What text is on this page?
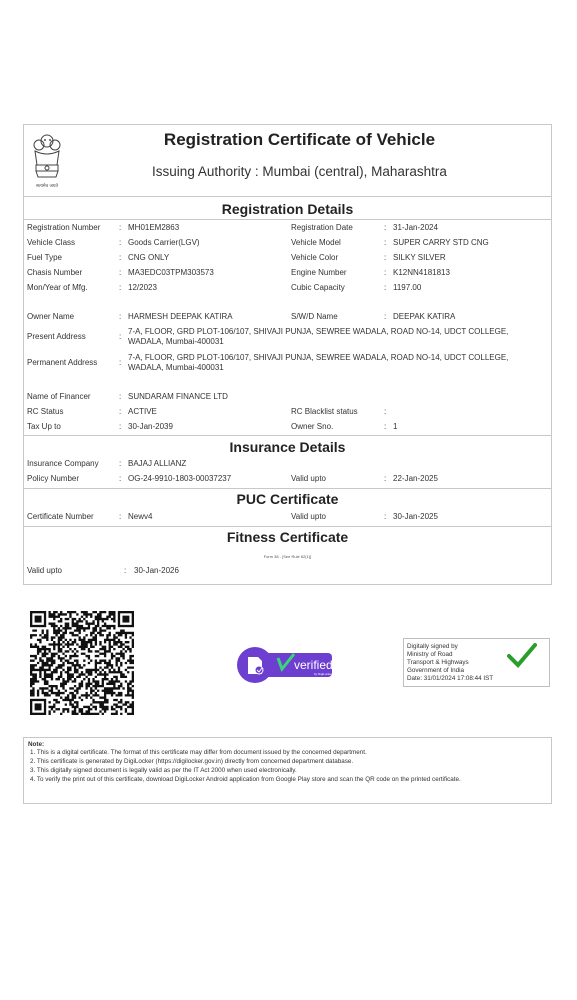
सत्यमेव जयते
Registration Certificate of Vehicle
Issuing Authority : Mumbai (central), Maharashtra
Registration Details
Registration Number : MH01EM2863	Registration Date	: 31-Jan-2024
Vehicle Class	: Goods Carrier(LGV)	Vehicle Model	: SUPER CARRY STD CNG
Fuel Type	: CNG ONLY	Vehicle Color	: SILKY SILVER
Chasis Number	: MA3EDC03TPM303573	Engine Number	: K12NN4181813
Mon/Year of Mfg.	: 12/2023	Cubic Capacity	: 1197.00
Owner Name	: HARMESH DEEPAK KATIRA	S/W/D Name	: DEEPAK KATIRA
Present Address	:
7-A, FLOOR, GRD PLOT-106/107, SHIVAJI PUNJA, SEWREE WADALA, ROAD NO-14, UDCT COLLEGE, WADALA, Mumbai-400031
Permanent Address	:
7-A, FLOOR, GRD PLOT-106/107, SHIVAJI PUNJA, SEWREE WADALA, ROAD NO-14, UDCT COLLEGE, WADALA, Mumbai-400031
Name of Financer	: SUNDARAM FINANCE LTD
RC Status	: ACTIVE	RC Blacklist status	:
Tax Up to	: 30-Jan-2039	Owner Sno.	: 1
Insurance Details
Insurance Company	: BAJAJ ALLIANZ
Policy Number	: OG-24-9910-1803-00037237	Valid upto	: 22-Jan-2025
PUC Certificate
Certificate Number	: Newv4	Valid upto	: 30-Jan-2025
Fitness Certificate
Form 38 - [See Rule 62(1)]
Valid upto	: 30-Jan-2026
verified
by DigiLocker
Digitally signed by
Ministry of Road
Transport & Highways
Government of India
Date: 31/01/2024 17:08:44 IST
Note:
1. This is a digital certificate. The format of this certificate may differ from document issued by the concerned department.
2. This certificate is generated by DigiLocker (https://digilocker.gov.in) directly from concerned department database.
3. This digitally signed document is legally valid as per the IT Act 2000 when used electronically.
4. To verify the print out of this certificate, download DigiLocker Android application from Google Play store and scan the QR code on the printed certificate.
